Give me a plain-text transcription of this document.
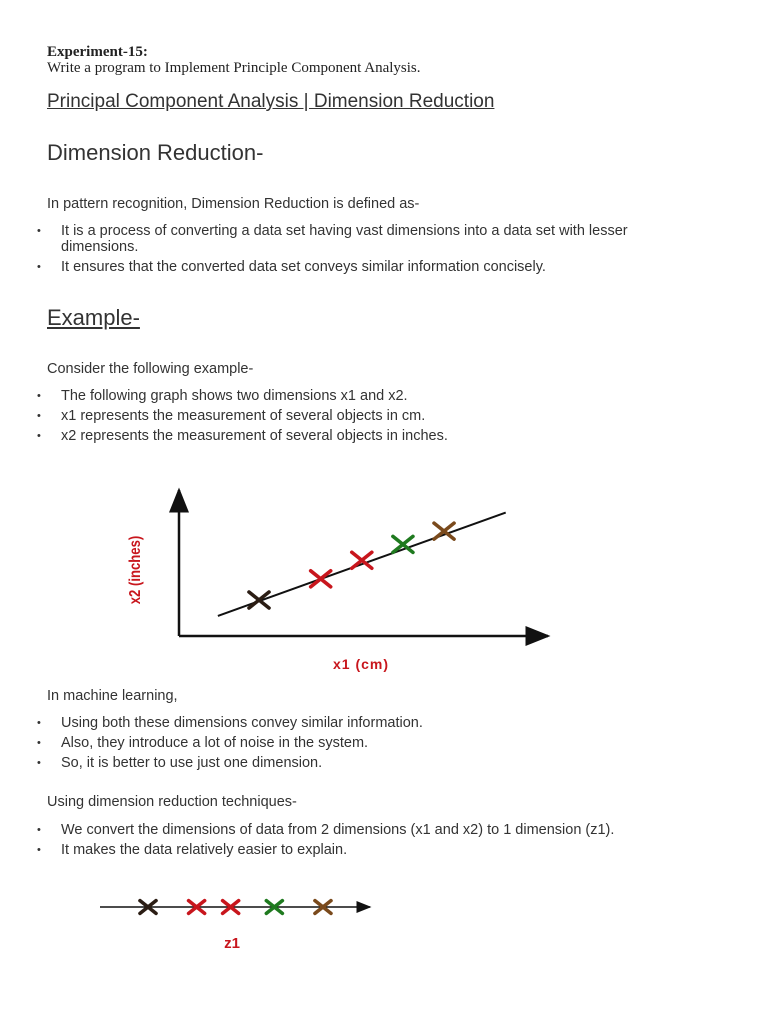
Experiment-15:
Write a program to Implement Principle Component Analysis.
Principal Component Analysis | Dimension Reduction
Dimension Reduction-

In pattern recognition, Dimension Reduction is defined as-

• It is a process of converting a data set having vast dimensions into a data set with lesser dimensions.
• It ensures that the converted data set conveys similar information concisely.
Example-

Consider the following example-

• The following graph shows two dimensions x1 and x2.
• x1 represents the measurement of several objects in cm.
• x2 represents the measurement of several objects in inches.
x2 (inches)
x1 (cm)

In machine learning,

• Using both these dimensions convey similar information.
• Also, they introduce a lot of noise in the system.
• So, it is better to use just one dimension.

Using dimension reduction techniques-

• We convert the dimensions of data from 2 dimensions (x1 and x2) to 1 dimension (z1).
• It makes the data relatively easier to explain.
z1
